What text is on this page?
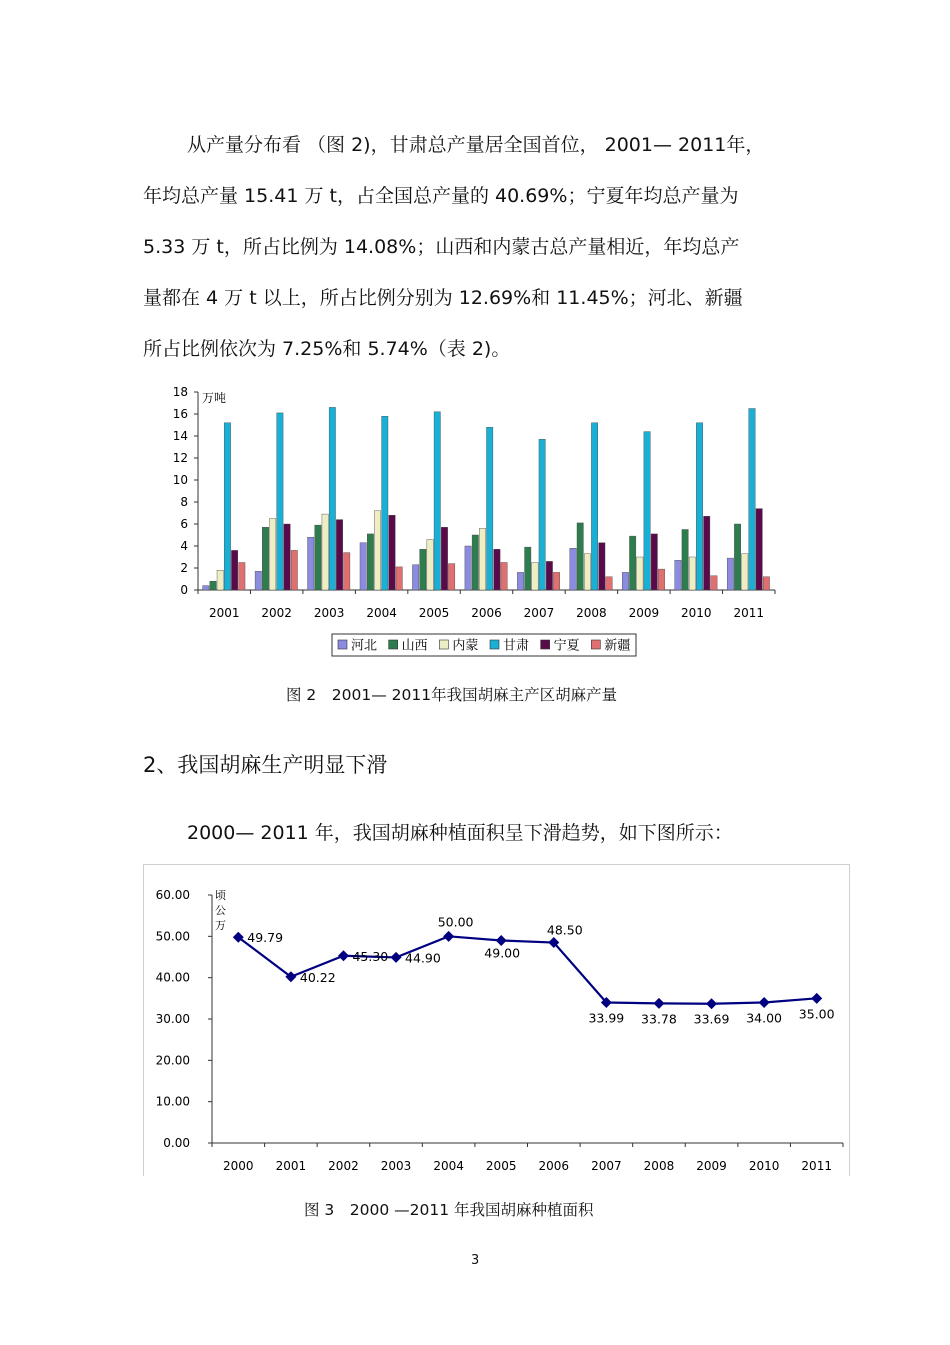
从产量分布看 （图 2)，甘肃总产量居全国首位， 2001— 2011年，
年均总产量 15.41 万 t，占全国总产量的 40.69%；宁夏年均总产量为
5.33 万 t，所占比例为 14.08%；山西和内蒙古总产量相近，年均总产
量都在 4 万 t 以上，所占比例分别为 12.69%和 11.45%；河北、新疆
所占比例依次为 7.25%和 5.74%（表 2)。
0
2
4
6
8
10
12
14
16
18 万吨
2001 2002 2003 2004 2005 2006 2007 2008 2009 2010 2011
河北 山西 内蒙 甘肃 宁夏 新疆
图 2　2001— 2011年我国胡麻主产区胡麻产量
2、我国胡麻生产明显下滑
2000— 2011 年，我国胡麻种植面积呈下滑趋势，如下图所示：
0.00
10.00
20.00
30.00
40.00
50.00
60.00 顷
公
万
2000 2001 2002 2003 2004 2005 2006 2007 2008 2009 2010 2011
49.79
40.22
45.30 44.90
50.00
49.00
48.50
33.99 33.78 33.69 34.00 35.00
图 3　2000 —2011 年我国胡麻种植面积
3
